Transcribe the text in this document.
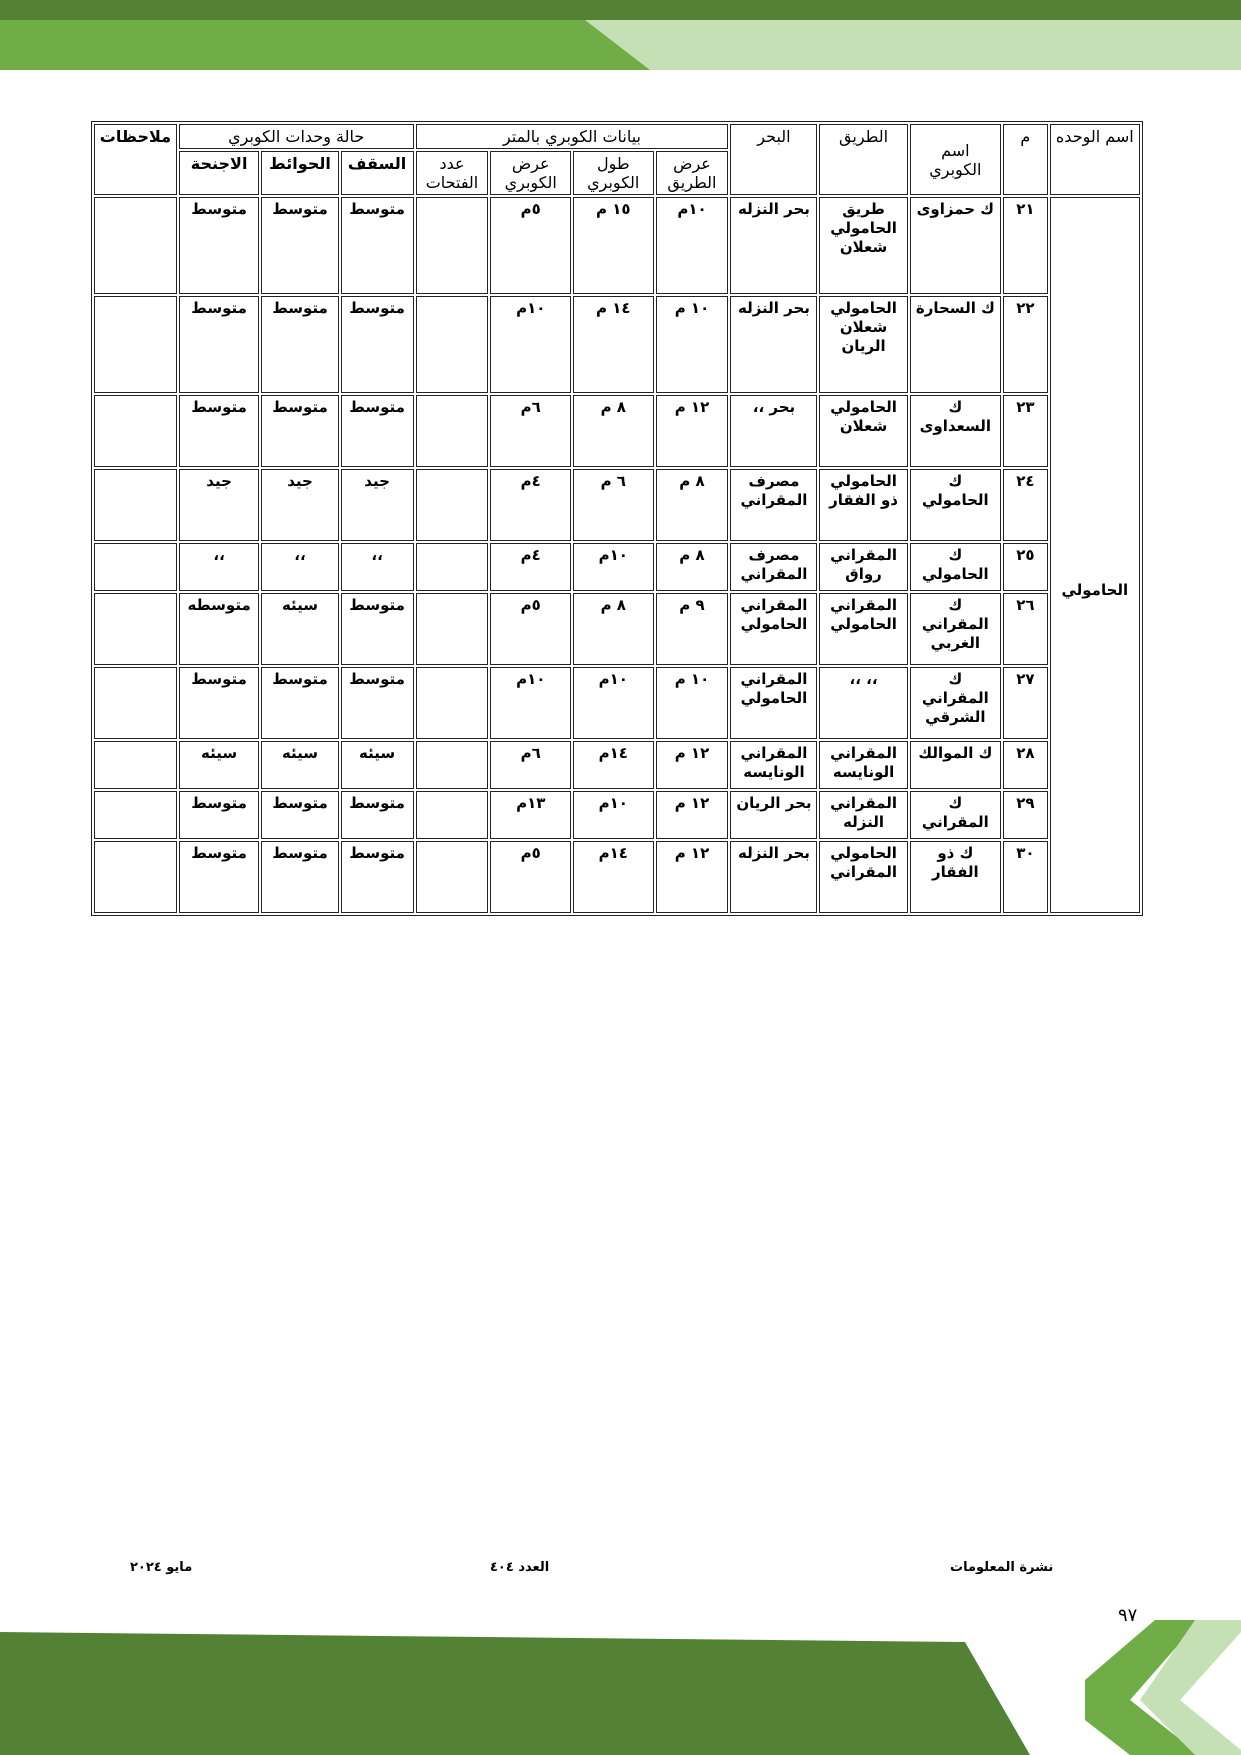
اسم الوحده	م	اسم الكوبري	الطريق	البحر	بيانات الكوبري بالمتر				حالة وحدات الكوبري			ملاحظات
					عرض الطريق	طول الكوبري	عرض الكوبري	عدد الفتحات	السقف	الحوائط	الاجنحة	
الحامولي	٢١	ك حمزاوى	طريق الحامولي شعلان	بحر النزله	١٠م	١٥ م	٥م		متوسط	متوسط	متوسط	
	٢٢	ك السحارة	الحامولي شعلان الريان	بحر النزله	١٠ م	١٤ م	١٠م		متوسط	متوسط	متوسط	
	٢٣	ك السعداوى	الحامولي شعلان	بحر ،،	١٢ م	٨ م	٦م		متوسط	متوسط	متوسط	
	٢٤	ك الحامولي	الحامولي ذو الفقار	مصرف المقراني	٨ م	٦ م	٤م		جيد	جيد	جيد	
	٢٥	ك الحامولي	المقراني رواق	مصرف المقراني	٨ م	١٠م	٤م		،،	،،	،،	
	٢٦	ك المقراني الغربي	المقراني الحامولي	المقراني الحامولي	٩ م	٨ م	٥م		متوسط	سيئه	متوسطه	
	٢٧	ك المقراني الشرقي	،، ،،	المقراني الحامولي	١٠ م	١٠م	١٠م		متوسط	متوسط	متوسط	
	٢٨	ك الموالك	المقراني الونايسه	المقراني الونايسه	١٢ م	١٤م	٦م		سيئه	سيئه	سيئه	
	٢٩	ك المقراني	المقراني النزله	بحر الريان	١٢ م	١٠م	١٣م		متوسط	متوسط	متوسط	
	٣٠	ك ذو الفقار	الحامولي المقراني	بحر النزله	١٢ م	١٤م	٥م		متوسط	متوسط	متوسط	
نشرة المعلومات
العدد ٤٠٤
مايو ٢٠٢٤
٩٧
